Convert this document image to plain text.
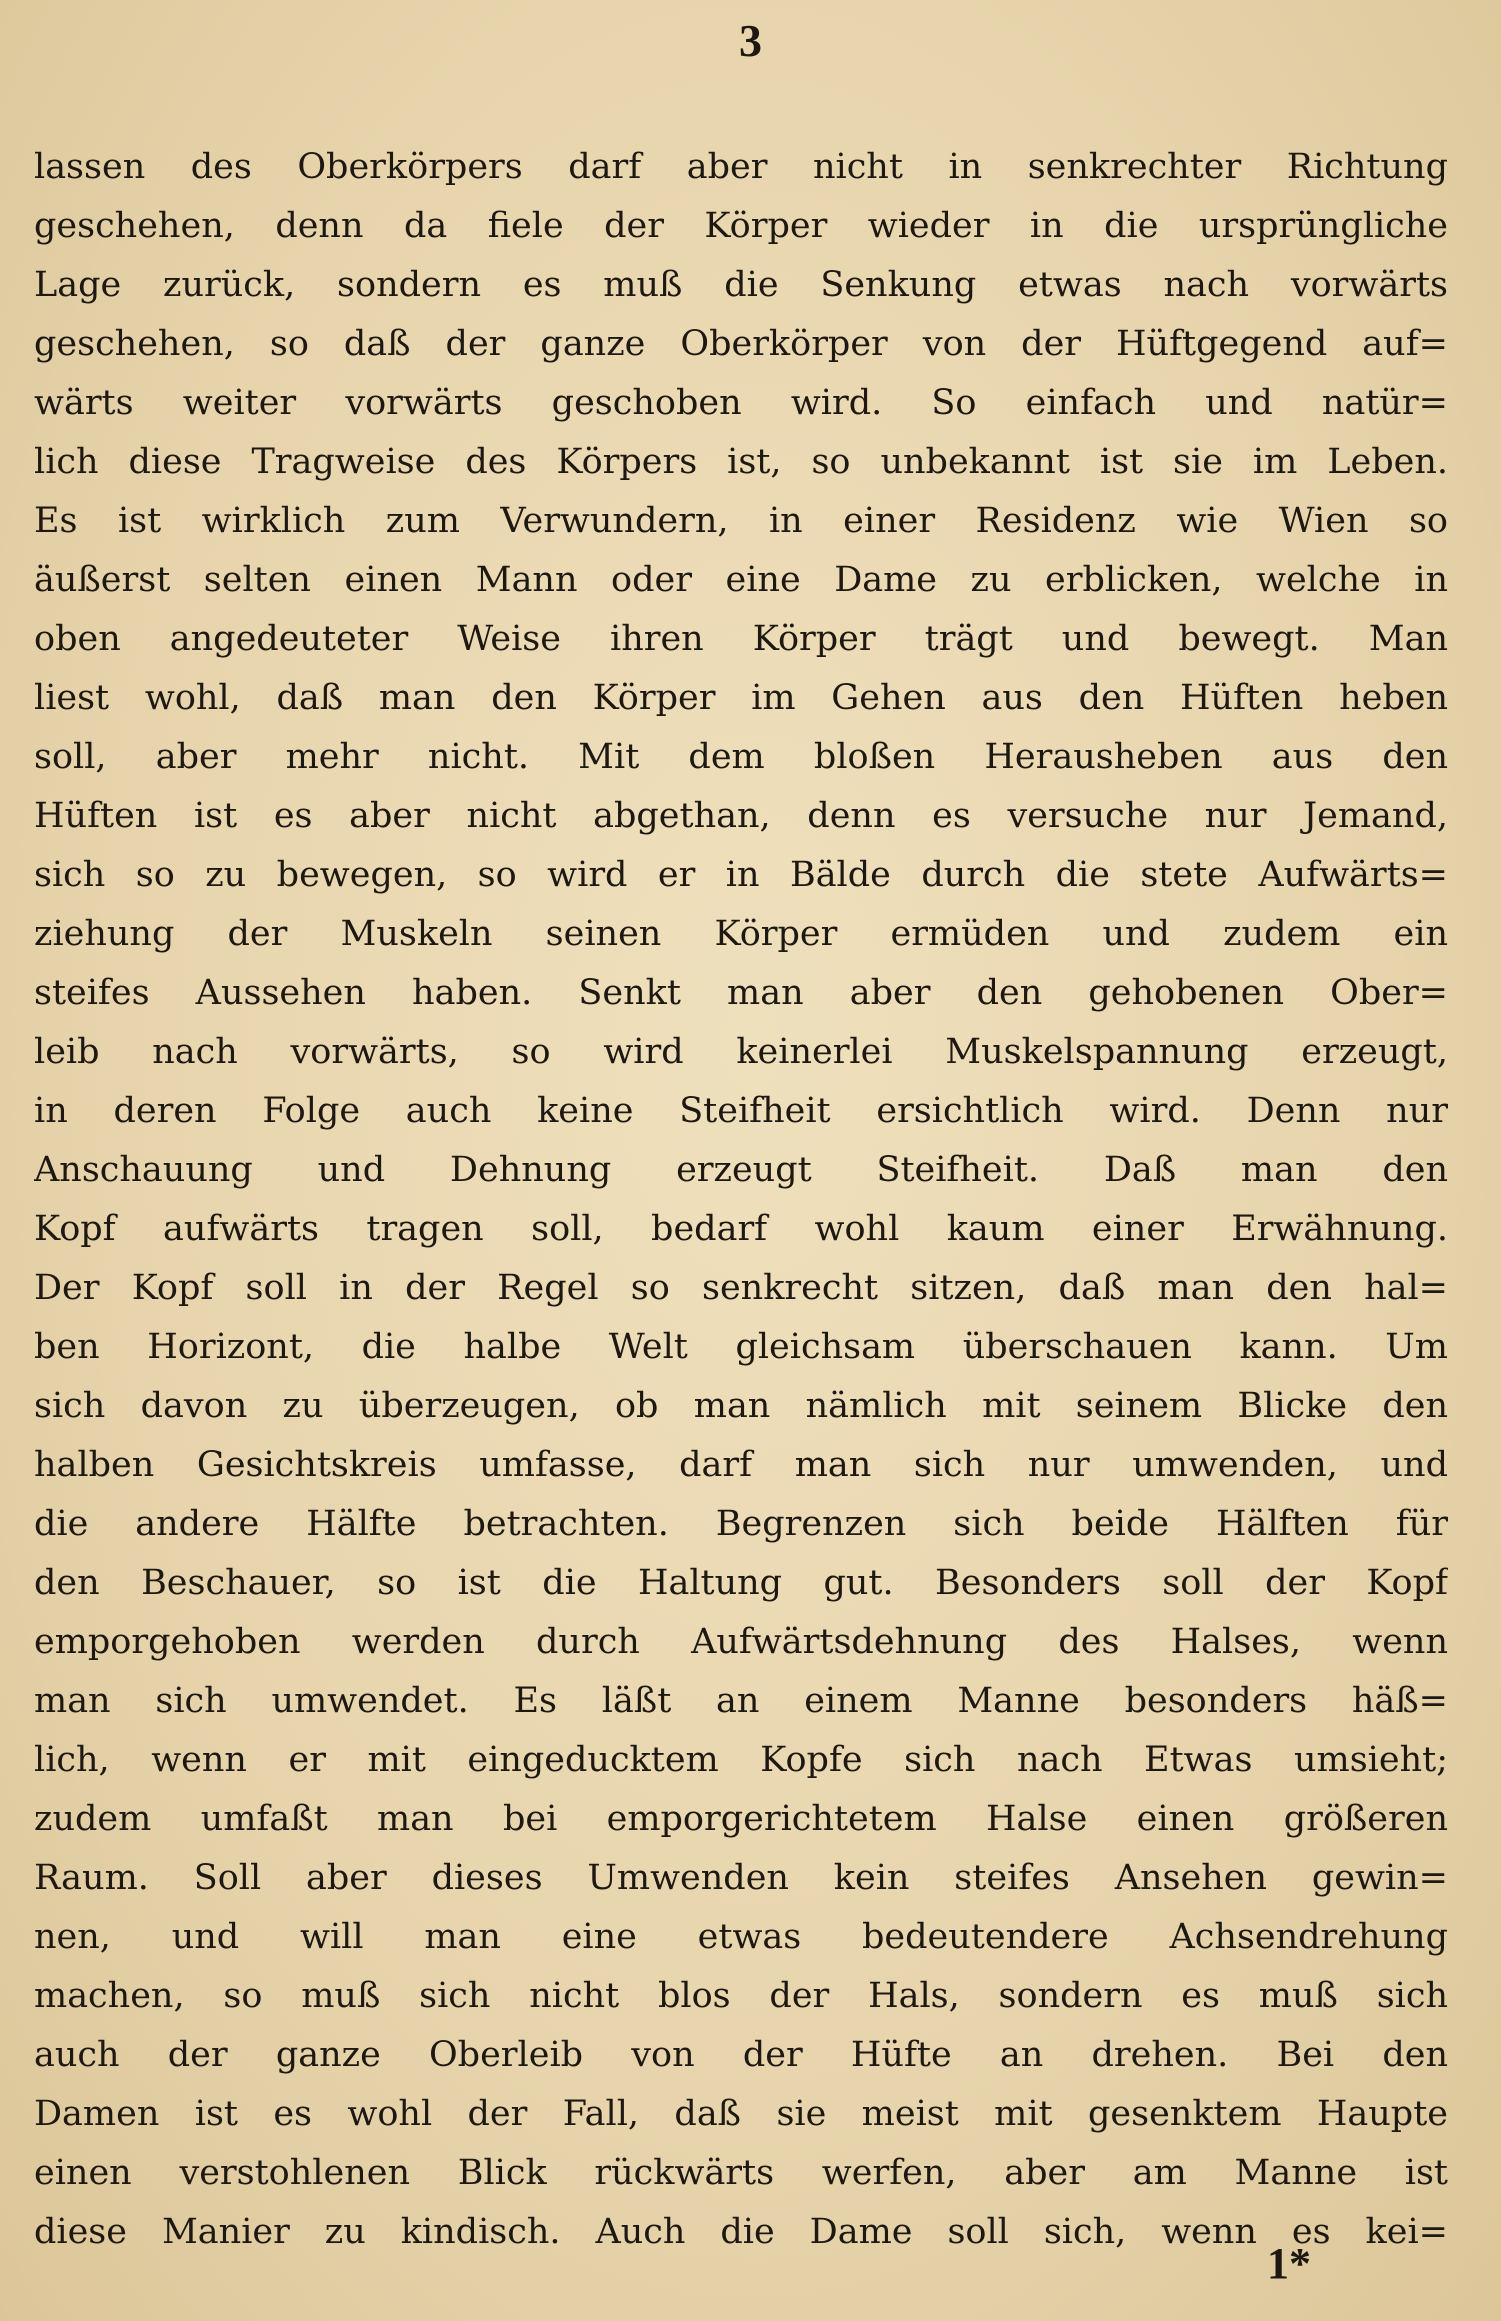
3
lassen des Oberkörpers darf aber nicht in senkrechter Richtung
geschehen, denn da fiele der Körper wieder in die ursprüngliche
Lage zurück, sondern es muß die Senkung etwas nach vorwärts
geschehen, so daß der ganze Oberkörper von der Hüftgegend auf=
wärts weiter vorwärts geschoben wird. So einfach und natür=
lich diese Tragweise des Körpers ist, so unbekannt ist sie im Leben.
Es ist wirklich zum Verwundern, in einer Residenz wie Wien so
äußerst selten einen Mann oder eine Dame zu erblicken, welche in
oben angedeuteter Weise ihren Körper trägt und bewegt. Man
liest wohl, daß man den Körper im Gehen aus den Hüften heben
soll, aber mehr nicht. Mit dem bloßen Herausheben aus den
Hüften ist es aber nicht abgethan, denn es versuche nur Jemand,
sich so zu bewegen, so wird er in Bälde durch die stete Aufwärts=
ziehung der Muskeln seinen Körper ermüden und zudem ein
steifes Aussehen haben. Senkt man aber den gehobenen Ober=
leib nach vorwärts, so wird keinerlei Muskelspannung erzeugt,
in deren Folge auch keine Steifheit ersichtlich wird. Denn nur
Anschauung und Dehnung erzeugt Steifheit. Daß man den
Kopf aufwärts tragen soll, bedarf wohl kaum einer Erwähnung.
Der Kopf soll in der Regel so senkrecht sitzen, daß man den hal=
ben Horizont, die halbe Welt gleichsam überschauen kann. Um
sich davon zu überzeugen, ob man nämlich mit seinem Blicke den
halben Gesichtskreis umfasse, darf man sich nur umwenden, und
die andere Hälfte betrachten. Begrenzen sich beide Hälften für
den Beschauer, so ist die Haltung gut. Besonders soll der Kopf
emporgehoben werden durch Aufwärtsdehnung des Halses, wenn
man sich umwendet. Es läßt an einem Manne besonders häß=
lich, wenn er mit eingeducktem Kopfe sich nach Etwas umsieht;
zudem umfaßt man bei emporgerichtetem Halse einen größeren
Raum. Soll aber dieses Umwenden kein steifes Ansehen gewin=
nen, und will man eine etwas bedeutendere Achsendrehung
machen, so muß sich nicht blos der Hals, sondern es muß sich
auch der ganze Oberleib von der Hüfte an drehen. Bei den
Damen ist es wohl der Fall, daß sie meist mit gesenktem Haupte
einen verstohlenen Blick rückwärts werfen, aber am Manne ist
diese Manier zu kindisch. Auch die Dame soll sich, wenn es kei=
1*
